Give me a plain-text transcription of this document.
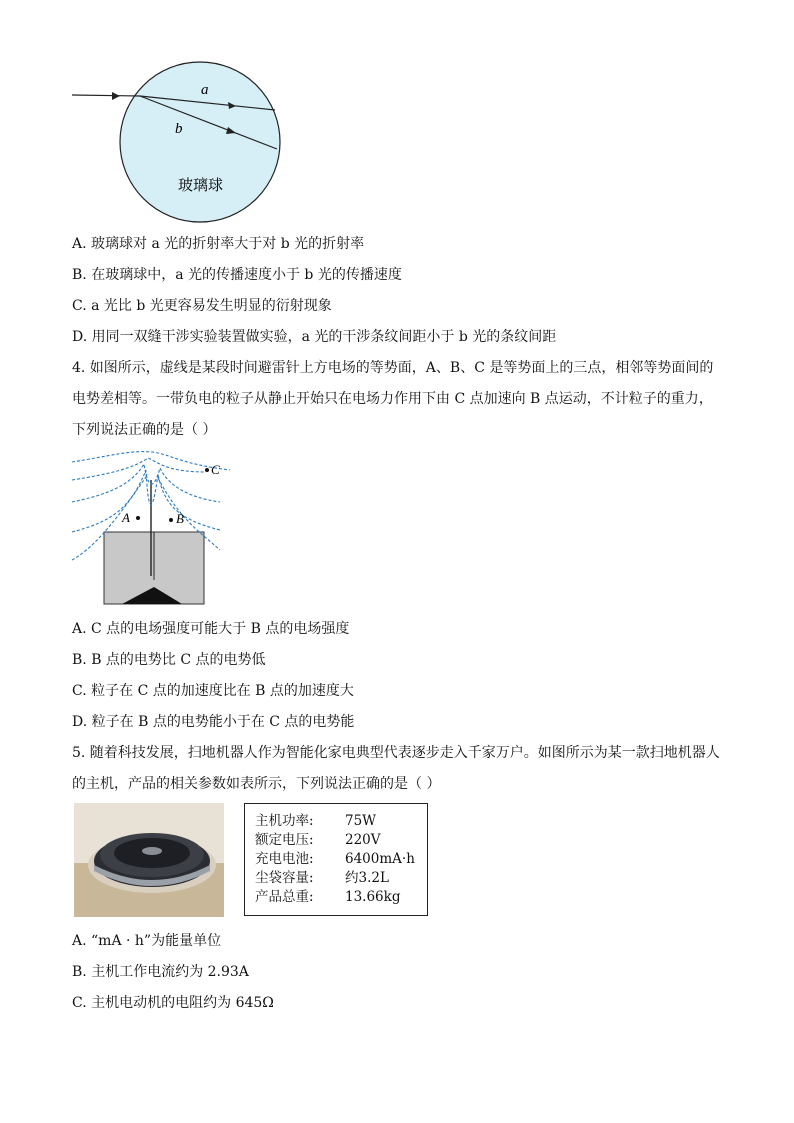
a
b
玻璃球
A. 玻璃球对 a 光的折射率大于对 b 光的折射率
B. 在玻璃球中，a 光的传播速度小于 b 光的传播速度
C. a 光比 b 光更容易发生明显的衍射现象
D. 用同一双缝干涉实验装置做实验，a 光的干涉条纹间距小于 b 光的条纹间距
4. 如图所示，虚线是某段时间避雷针上方电场的等势面，A、B、C 是等势面上的三点，相邻等势面间的电势差相等。一带负电的粒子从静止开始只在电场力作用下由 C 点加速向 B 点运动，不计粒子的重力，下列说法正确的是（ ）
C
A	B
A. C 点的电场强度可能大于 B 点的电场强度
B. B 点的电势比 C 点的电势低
C. 粒子在 C 点的加速度比在 B 点的加速度大
D. 粒子在 B 点的电势能小于在 C 点的电势能
5. 随着科技发展，扫地机器人作为智能化家电典型代表逐步走入千家万户。如图所示为某一款扫地机器人的主机，产品的相关参数如表所示，下列说法正确的是（ ）
主机功率:	75W
额定电压:	220V
充电电池:	6400mA·h
尘袋容量:	约3.2L
产品总重:	13.66kg
A. “mA · h”为能量单位
B. 主机工作电流约为 2.93A
C. 主机电动机的电阻约为 645Ω
